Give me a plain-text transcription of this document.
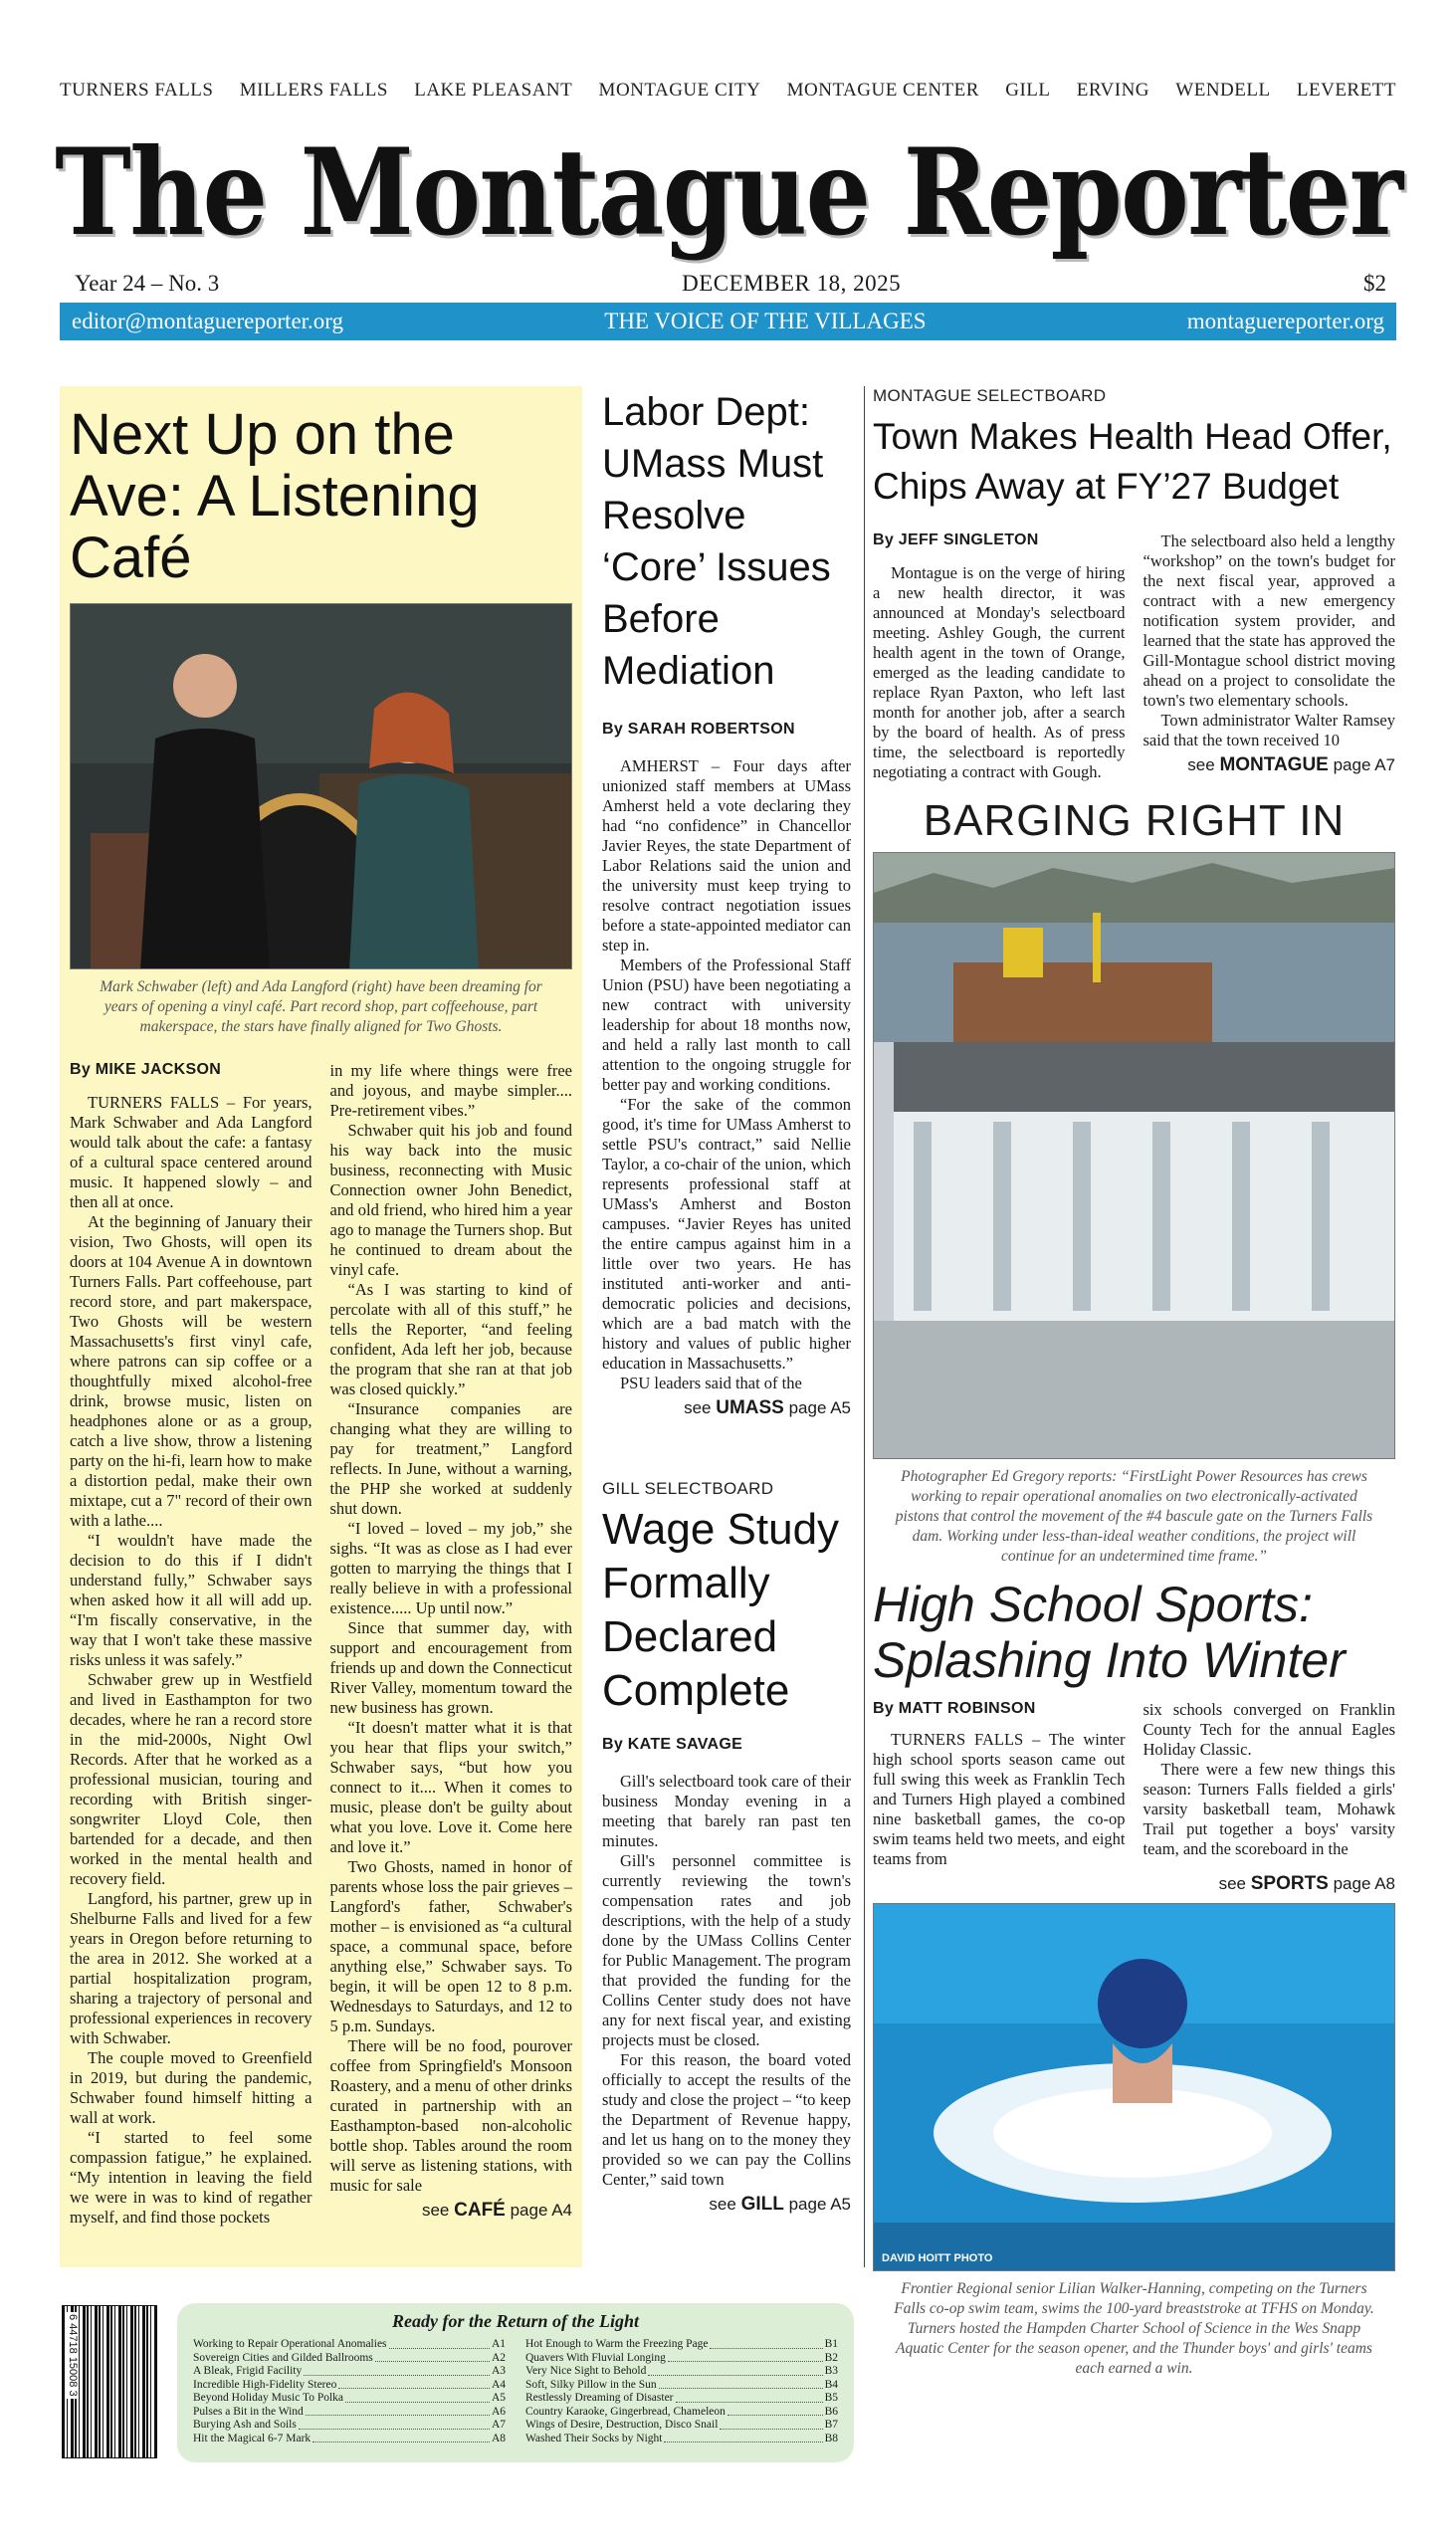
TURNERS FALLS MILLERS FALLS LAKE PLEASANT MONTAGUE CITY MONTAGUE CENTER GILL ERVING WENDELL LEVERETT
The Montague Reporter
Year 24 – No. 3	DECEMBER 18, 2025	$2
editor@montaguereporter.org	THE VOICE OF THE VILLAGES	montaguereporter.org
Next Up on the Ave: A Listening Café
Mark Schwaber (left) and Ada Langford (right) have been dreaming for years of opening a vinyl café. Part record shop, part coffeehouse, part makerspace, the stars have finally aligned for Two Ghosts.
By MIKE JACKSON

TURNERS FALLS – For years, Mark Schwaber and Ada Langford would talk about the cafe: a fantasy of a cultural space centered around music. It happened slowly – and then all at once.

At the beginning of January their vision, Two Ghosts, will open its doors at 104 Avenue A in downtown Turners Falls. Part coffeehouse, part record store, and part makerspace, Two Ghosts will be western Massachusetts's first vinyl cafe, where patrons can sip coffee or a thoughtfully mixed alcohol-free drink, browse music, listen on headphones alone or as a group, catch a live show, throw a listening party on the hi-fi, learn how to make a distortion pedal, make their own mixtape, cut a 7" record of their own with a lathe....

“I wouldn't have made the decision to do this if I didn't understand fully,” Schwaber says when asked how it all will add up. “I'm fiscally conservative, in the way that I won't take these massive risks unless it was safely.”

Schwaber grew up in Westfield and lived in Easthampton for two decades, where he ran a record store in the mid-2000s, Night Owl Records. After that he worked as a professional musician, touring and recording with British singer-songwriter Lloyd Cole, then bartended for a decade, and then worked in the mental health and recovery field.

Langford, his partner, grew up in Shelburne Falls and lived for a few years in Oregon before returning to the area in 2012. She worked at a partial hospitalization program, sharing a trajectory of personal and professional experiences in recovery with Schwaber.

The couple moved to Greenfield in 2019, but during the pandemic, Schwaber found himself hitting a wall at work.

“I started to feel some compassion fatigue,” he explained. “My intention in leaving the field we were in was to kind of regather myself, and find those pockets

in my life where things were free and joyous, and maybe simpler.... Pre-retirement vibes.”

Schwaber quit his job and found his way back into the music business, reconnecting with Music Connection owner John Benedict, and old friend, who hired him a year ago to manage the Turners shop. But he continued to dream about the vinyl cafe.

“As I was starting to kind of percolate with all of this stuff,” he tells the Reporter, “and feeling confident, Ada left her job, because the program that she ran at that job was closed quickly.”

“Insurance companies are changing what they are willing to pay for treatment,” Langford reflects. In June, without a warning, the PHP she worked at suddenly shut down.

“I loved – loved – my job,” she sighs. “It was as close as I had ever gotten to marrying the things that I really believe in with a professional existence..... Up until now.”

Since that summer day, with support and encouragement from friends up and down the Connecticut River Valley, momentum toward the new business has grown.

“It doesn't matter what it is that you hear that flips your switch,” Schwaber says, “but how you connect to it.... When it comes to music, please don't be guilty about what you love. Love it. Come here and love it.”

Two Ghosts, named in honor of parents whose loss the pair grieves – Langford's father, Schwaber's mother – is envisioned as “a cultural space, a communal space, before anything else,” Schwaber says. To begin, it will be open 12 to 8 p.m. Wednesdays to Saturdays, and 12 to 5 p.m. Sundays.

There will be no food, pourover coffee from Springfield's Monsoon Roastery, and a menu of other drinks curated in partnership with an Easthampton-based non-alcoholic bottle shop. Tables around the room will serve as listening stations, with music for sale

see CAFÉ page A4
Labor Dept: UMass Must Resolve ‘Core’ Issues Before Mediation
By SARAH ROBERTSON

AMHERST – Four days after unionized staff members at UMass Amherst held a vote declaring they had “no confidence” in Chancellor Javier Reyes, the state Department of Labor Relations said the union and the university must keep trying to resolve contract negotiation issues before a state-appointed mediator can step in.

Members of the Professional Staff Union (PSU) have been negotiating a new contract with university leadership for about 18 months now, and held a rally last month to call attention to the ongoing struggle for better pay and working conditions.

“For the sake of the common good, it's time for UMass Amherst to settle PSU's contract,” said Nellie Taylor, a co-chair of the union, which represents professional staff at UMass's Amherst and Boston campuses. “Javier Reyes has united the entire campus against him in a little over two years. He has instituted anti-worker and anti-democratic policies and decisions, which are a bad match with the history and values of public higher education in Massachusetts.”

PSU leaders said that of the

see UMASS page A5
GILL SELECTBOARD
Wage Study Formally Declared Complete
By KATE SAVAGE

Gill's selectboard took care of their business Monday evening in a meeting that barely ran past ten minutes.

Gill's personnel committee is currently reviewing the town's compensation rates and job descriptions, with the help of a study done by the UMass Collins Center for Public Management. The program that provided the funding for the Collins Center study does not have any for next fiscal year, and existing projects must be closed.

For this reason, the board voted officially to accept the results of the study and close the project – “to keep the Department of Revenue happy, and let us hang on to the money they provided so we can pay the Collins Center,” said town

see GILL page A5
MONTAGUE SELECTBOARD
Town Makes Health Head Offer, Chips Away at FY’27 Budget
By JEFF SINGLETON

Montague is on the verge of hiring a new health director, it was announced at Monday's selectboard meeting. Ashley Gough, the current health agent in the town of Orange, emerged as the leading candidate to replace Ryan Paxton, who left last month for another job, after a search by the board of health. As of press time, the selectboard is reportedly negotiating a contract with Gough.

The selectboard also held a lengthy “workshop” on the town's budget for the next fiscal year, approved a contract with a new emergency notification system provider, and learned that the state has approved the Gill-Montague school district moving ahead on a project to consolidate the town's two elementary schools.

Town administrator Walter Ramsey said that the town received 10

see MONTAGUE page A7
BARGING RIGHT IN
Photographer Ed Gregory reports: “FirstLight Power Resources has crews working to repair operational anomalies on two electronically-activated pistons that control the movement of the #4 bascule gate on the Turners Falls dam. Working under less-than-ideal weather conditions, the project will continue for an undetermined time frame.”
High School Sports: Splashing Into Winter
By MATT ROBINSON

TURNERS FALLS – The winter high school sports season came out full swing this week as Franklin Tech and Turners High played a combined nine basketball games, the co-op swim teams held two meets, and eight teams from

six schools converged on Franklin County Tech for the annual Eagles Holiday Classic.

There were a few new things this season: Turners Falls fielded a girls' varsity basketball team, Mohawk Trail put together a boys' varsity team, and the scoreboard in the

see SPORTS page A8
DAVID HOITT PHOTO
Frontier Regional senior Lilian Walker-Hanning, competing on the Turners Falls co-op swim team, swims the 100-yard breaststroke at TFHS on Monday. Turners hosted the Hampden Charter School of Science in the Wes Snapp Aquatic Center for the season opener, and the Thunder boys' and girls' teams each earned a win.
6 44718 15008 3	Ready for the Return of the Light
Working to Repair Operational Anomalies	A1
Sovereign Cities and Gilded Ballrooms	A2
A Bleak, Frigid Facility	A3
Incredible High-Fidelity Stereo	A4
Beyond Holiday Music To Polka	A5
Pulses a Bit in the Wind	A6
Burying Ash and Soils	A7
Hit the Magical 6-7 Mark	A8
Hot Enough to Warm the Freezing Page	B1
Quavers With Fluvial Longing	B2
Very Nice Sight to Behold	B3
Soft, Silky Pillow in the Sun	B4
Restlessly Dreaming of Disaster	B5
Country Karaoke, Gingerbread, Chameleon	B6
Wings of Desire, Destruction, Disco Snail	B7
Washed Their Socks by Night	B8
